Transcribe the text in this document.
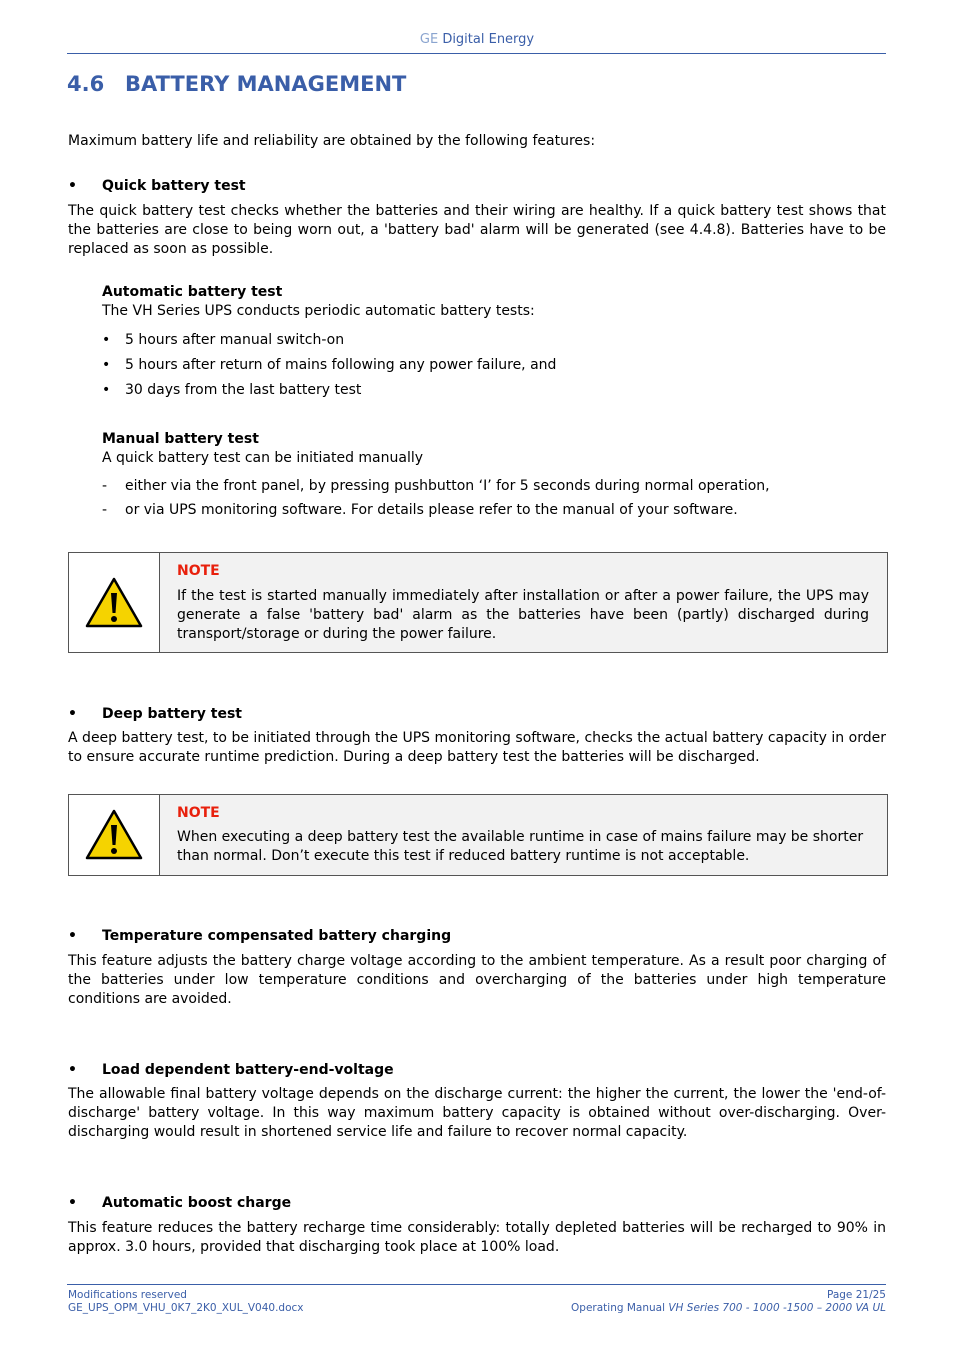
GE Digital Energy
4.6 BATTERY MANAGEMENT
Maximum battery life and reliability are obtained by the following features:
• Quick battery test
The quick battery test checks whether the batteries and their wiring are healthy. If a quick battery test shows that the batteries are close to being worn out, a 'battery bad' alarm will be generated (see 4.4.8). Batteries have to be replaced as soon as possible.
Automatic battery test
The VH Series UPS conducts periodic automatic battery tests:
• 5 hours after manual switch-on
• 5 hours after return of mains following any power failure, and
• 30 days from the last battery test
Manual battery test
A quick battery test can be initiated manually
- either via the front panel, by pressing pushbutton ‘I’ for 5 seconds during normal operation,
- or via UPS monitoring software. For details please refer to the manual of your software.
NOTE
If the test is started manually immediately after installation or after a power failure, the UPS may generate a false 'battery bad' alarm as the batteries have been (partly) discharged during transport/storage or during the power failure.
• Deep battery test
A deep battery test, to be initiated through the UPS monitoring software, checks the actual battery capacity in order to ensure accurate runtime prediction. During a deep battery test the batteries will be discharged.
NOTE
When executing a deep battery test the available runtime in case of mains failure may be shorter than normal. Don’t execute this test if reduced battery runtime is not acceptable.
• Temperature compensated battery charging
This feature adjusts the battery charge voltage according to the ambient temperature. As a result poor charging of the batteries under low temperature conditions and overcharging of the batteries under high temperature conditions are avoided.
• Load dependent battery-end-voltage
The allowable final battery voltage depends on the discharge current: the higher the current, the lower the 'end-of-discharge' battery voltage. In this way maximum battery capacity is obtained without over-discharging. Over-discharging would result in shortened service life and failure to recover normal capacity.
• Automatic boost charge
This feature reduces the battery recharge time considerably: totally depleted batteries will be recharged to 90% in approx. 3.0 hours, provided that discharging took place at 100% load.
Modifications reserved
GE_UPS_OPM_VHU_0K7_2K0_XUL_V040.docx
Page 21/25
Operating Manual VH Series 700 - 1000 -1500 – 2000 VA UL
